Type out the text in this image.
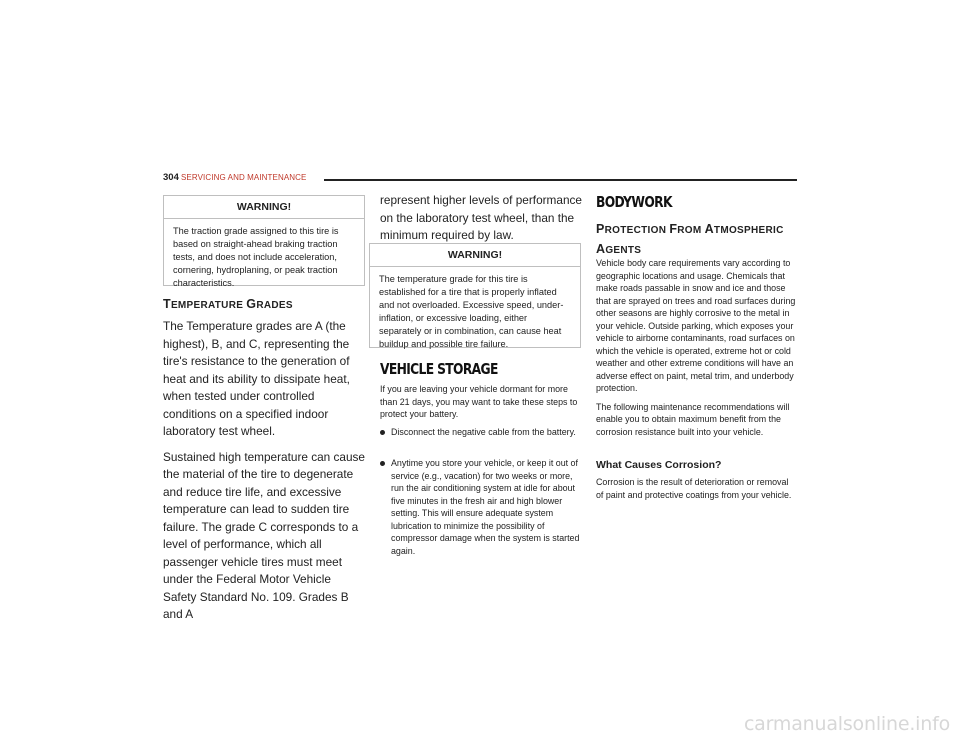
304 SERVICING AND MAINTENANCE
WARNING!
The traction grade assigned to this tire is based on straight-ahead braking traction tests, and does not include acceleration, cornering, hydroplaning, or peak traction characteristics.
TEMPERATURE GRADES

The Temperature grades are A (the highest), B, and C, representing the tire's resistance to the generation of heat and its ability to dissipate heat, when tested under controlled conditions on a specified indoor laboratory test wheel.

Sustained high temperature can cause the material of the tire to degenerate and reduce tire life, and excessive temperature can lead to sudden tire failure. The grade C corresponds to a level of performance, which all passenger vehicle tires must meet under the Federal Motor Vehicle Safety Standard No. 109. Grades B and A

represent higher levels of performance on the laboratory test wheel, than the minimum required by law.

WARNING!
The temperature grade for this tire is established for a tire that is properly inflated and not overloaded. Excessive speed, under-inflation, or excessive loading, either separately or in combination, can cause heat buildup and possible tire failure.
VEHICLE STORAGE

If you are leaving your vehicle dormant for more than 21 days, you may want to take these steps to protect your battery.

Disconnect the negative cable from the battery.
Anytime you store your vehicle, or keep it out of service (e.g., vacation) for two weeks or more, run the air conditioning system at idle for about five minutes in the fresh air and high blower setting. This will ensure adequate system lubrication to minimize the possibility of compressor damage when the system is started again.
BODYWORK
PROTECTION FROM ATMOSPHERIC
AGENTS

Vehicle body care requirements vary according to geographic locations and usage. Chemicals that make roads passable in snow and ice and those that are sprayed on trees and road surfaces during other seasons are highly corrosive to the metal in your vehicle. Outside parking, which exposes your vehicle to airborne contaminants, road surfaces on which the vehicle is operated, extreme hot or cold weather and other extreme conditions will have an adverse effect on paint, metal trim, and underbody protection.

The following maintenance recommendations will enable you to obtain maximum benefit from the corrosion resistance built into your vehicle.

What Causes Corrosion?

Corrosion is the result of deterioration or removal of paint and protective coatings from your vehicle.

carmanualsonline.info
